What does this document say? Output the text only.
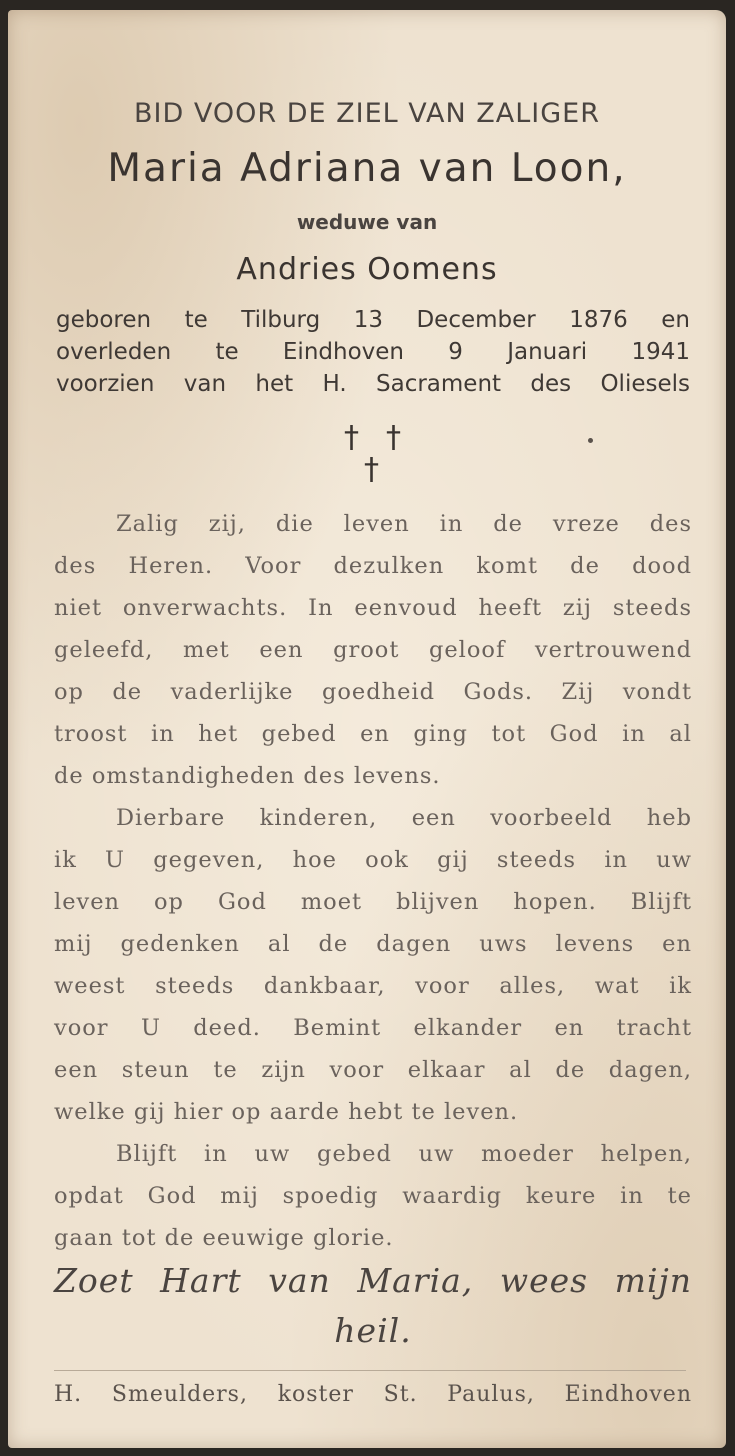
BID VOOR DE ZIEL VAN ZALIGER
Maria Adriana van Loon,
weduwe van
Andries Oomens
geboren te Tilburg 13 December 1876 en
overleden te Eindhoven 9 Januari 1941
voorzien van het H. Sacrament des Oliesels
† †
†

Zalig zij, die leven in de vreze des
des Heren. Voor dezulken komt de dood
niet onverwachts. In eenvoud heeft zij steeds
geleefd, met een groot geloof vertrouwend
op de vaderlijke goedheid Gods. Zij vondt
troost in het gebed en ging tot God in al
de omstandigheden des levens.

Dierbare kinderen, een voorbeeld heb
ik U gegeven, hoe ook gij steeds in uw
leven op God moet blijven hopen. Blijft
mij gedenken al de dagen uws levens en
weest steeds dankbaar, voor alles, wat ik
voor U deed. Bemint elkander en tracht
een steun te zijn voor elkaar al de dagen,
welke gij hier op aarde hebt te leven.

Blijft in uw gebed uw moeder helpen,
opdat God mij spoedig waardig keure in te
gaan tot de eeuwige glorie.

Zoet Hart van Maria, wees mijn
heil.
H. Smeulders, koster St. Paulus, Eindhoven
